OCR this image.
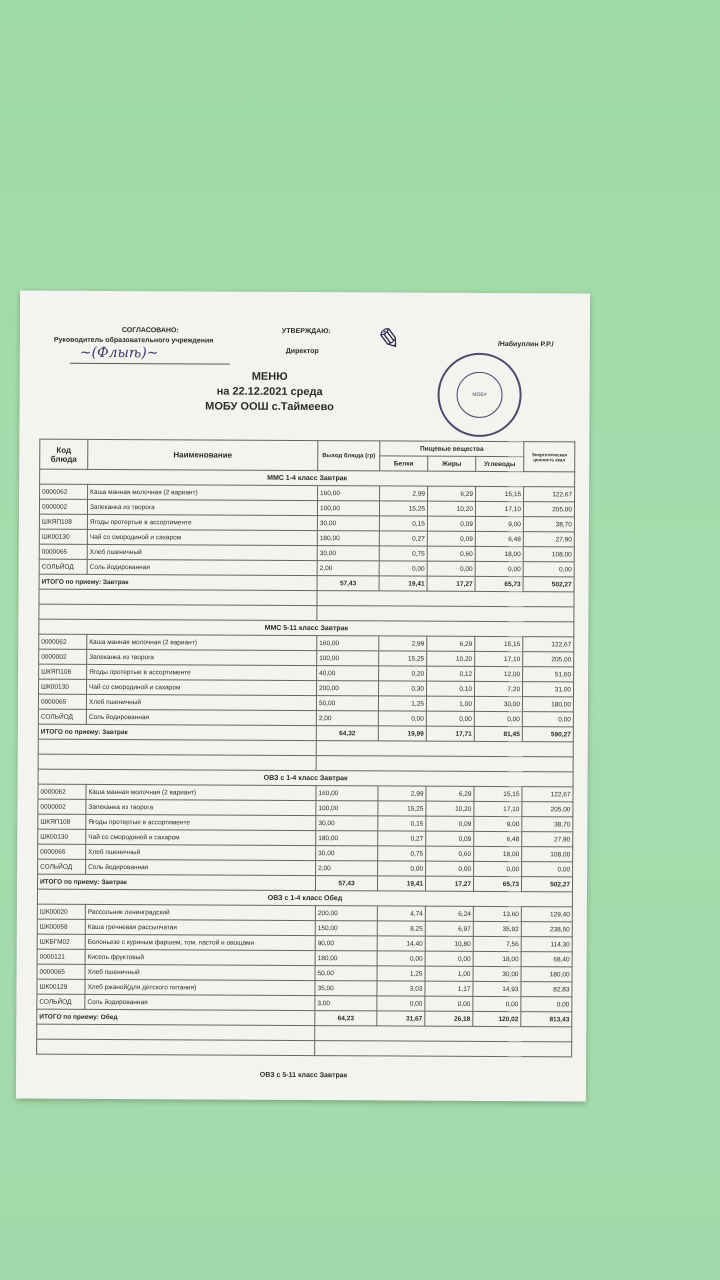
СОГЛАСОВАНО:
Руководитель образовательного учреждения
~(Флыѣ)~
УТВЕРЖДАЮ:
Директор ✎	/Набиуллин Р.Р./
МОБУ
МЕНЮ
на 22.12.2021 среда
МОБУ ООШ с.Таймеево
Код блюда	Наименование	Выход блюда (гр)	Пищевые вещества			Энергетическая ценность ккал
			Белки	Жиры	Углеводы	
ММС 1-4 класс Завтрак						
0000062	Каша манная молочная (2 вариант)	160,00	2,99	6,29	15,15	122,67
0000002	Запеканка из творога	100,00	15,25	10,20	17,10	205,00
ШКЯП108	Ягоды протертые в ассортименте	30,00	0,15	0,09	9,00	38,70
ШК00130	Чай со смородиной и сахаром	180,00	0,27	0,09	6,48	27,90
0000065	Хлеб пшеничный	30,00	0,75	0,60	18,00	108,00
СОЛЬЙОД	Соль йодированная	2,00	0,00	0,00	0,00	0,00
ИТОГО по приему: Завтрак		57,43	19,41	17,27	65,73	502,27

ММС 5-11 класс Завтрак						
0000062	Каша манная молочная (2 вариант)	160,00	2,99	6,29	15,15	122,67
0000002	Запеканка из творога	100,00	15,25	10,20	17,10	205,00
ШКЯП108	Ягоды протертые в ассортименте	40,00	0,20	0,12	12,00	51,60
ШК00130	Чай со смородиной и сахаром	200,00	0,30	0,10	7,20	31,00
0000065	Хлеб пшеничный	50,00	1,25	1,00	30,00	180,00
СОЛЬЙОД	Соль йодированная	2,00	0,00	0,00	0,00	0,00
ИТОГО по приему: Завтрак		64,32	19,99	17,71	81,45	590,27

ОВЗ с 1-4 класс Завтрак						
0000062	Каша манная молочная (2 вариант)	160,00	2,99	6,29	15,15	122,67
0000002	Запеканка из творога	100,00	15,25	10,20	17,10	205,00
ШКЯП108	Ягоды протертые в ассортименте	30,00	0,15	0,09	9,00	38,70
ШК00130	Чай со смородиной и сахаром	180,00	0,27	0,09	6,48	27,90
0000065	Хлеб пшеничный	30,00	0,75	0,60	18,00	108,00
СОЛЬЙОД	Соль йодированная	2,00	0,00	0,00	0,00	0,00
ИТОГО по приему: Завтрак		57,43	19,41	17,27	65,73	502,27
ОВЗ с 1-4 класс Обед						
ШК00020	Рассольник ленинградский	200,00	4,74	6,24	13,60	129,40
ШК00058	Каша гречневая рассыпчатая	150,00	8,25	6,97	35,92	238,50
ШКБГМ02	Болоньезе с куриным фаршем, том. пастой и овощами	90,00	14,40	10,80	7,56	114,30
0000121	Кисель фруктовый	180,00	0,00	0,00	18,00	68,40
0000065	Хлеб пшеничный	50,00	1,25	1,00	30,00	180,00
ШК00129	Хлеб ржаной(для детского питания)	35,00	3,03	1,17	14,93	82,83
СОЛЬЙОД	Соль йодированная	3,00	0,00	0,00	0,00	0,00
ИТОГО по приему: Обед		64,23	31,67	26,18	120,02	813,43

ОВЗ с 5-11 класс Завтрак
